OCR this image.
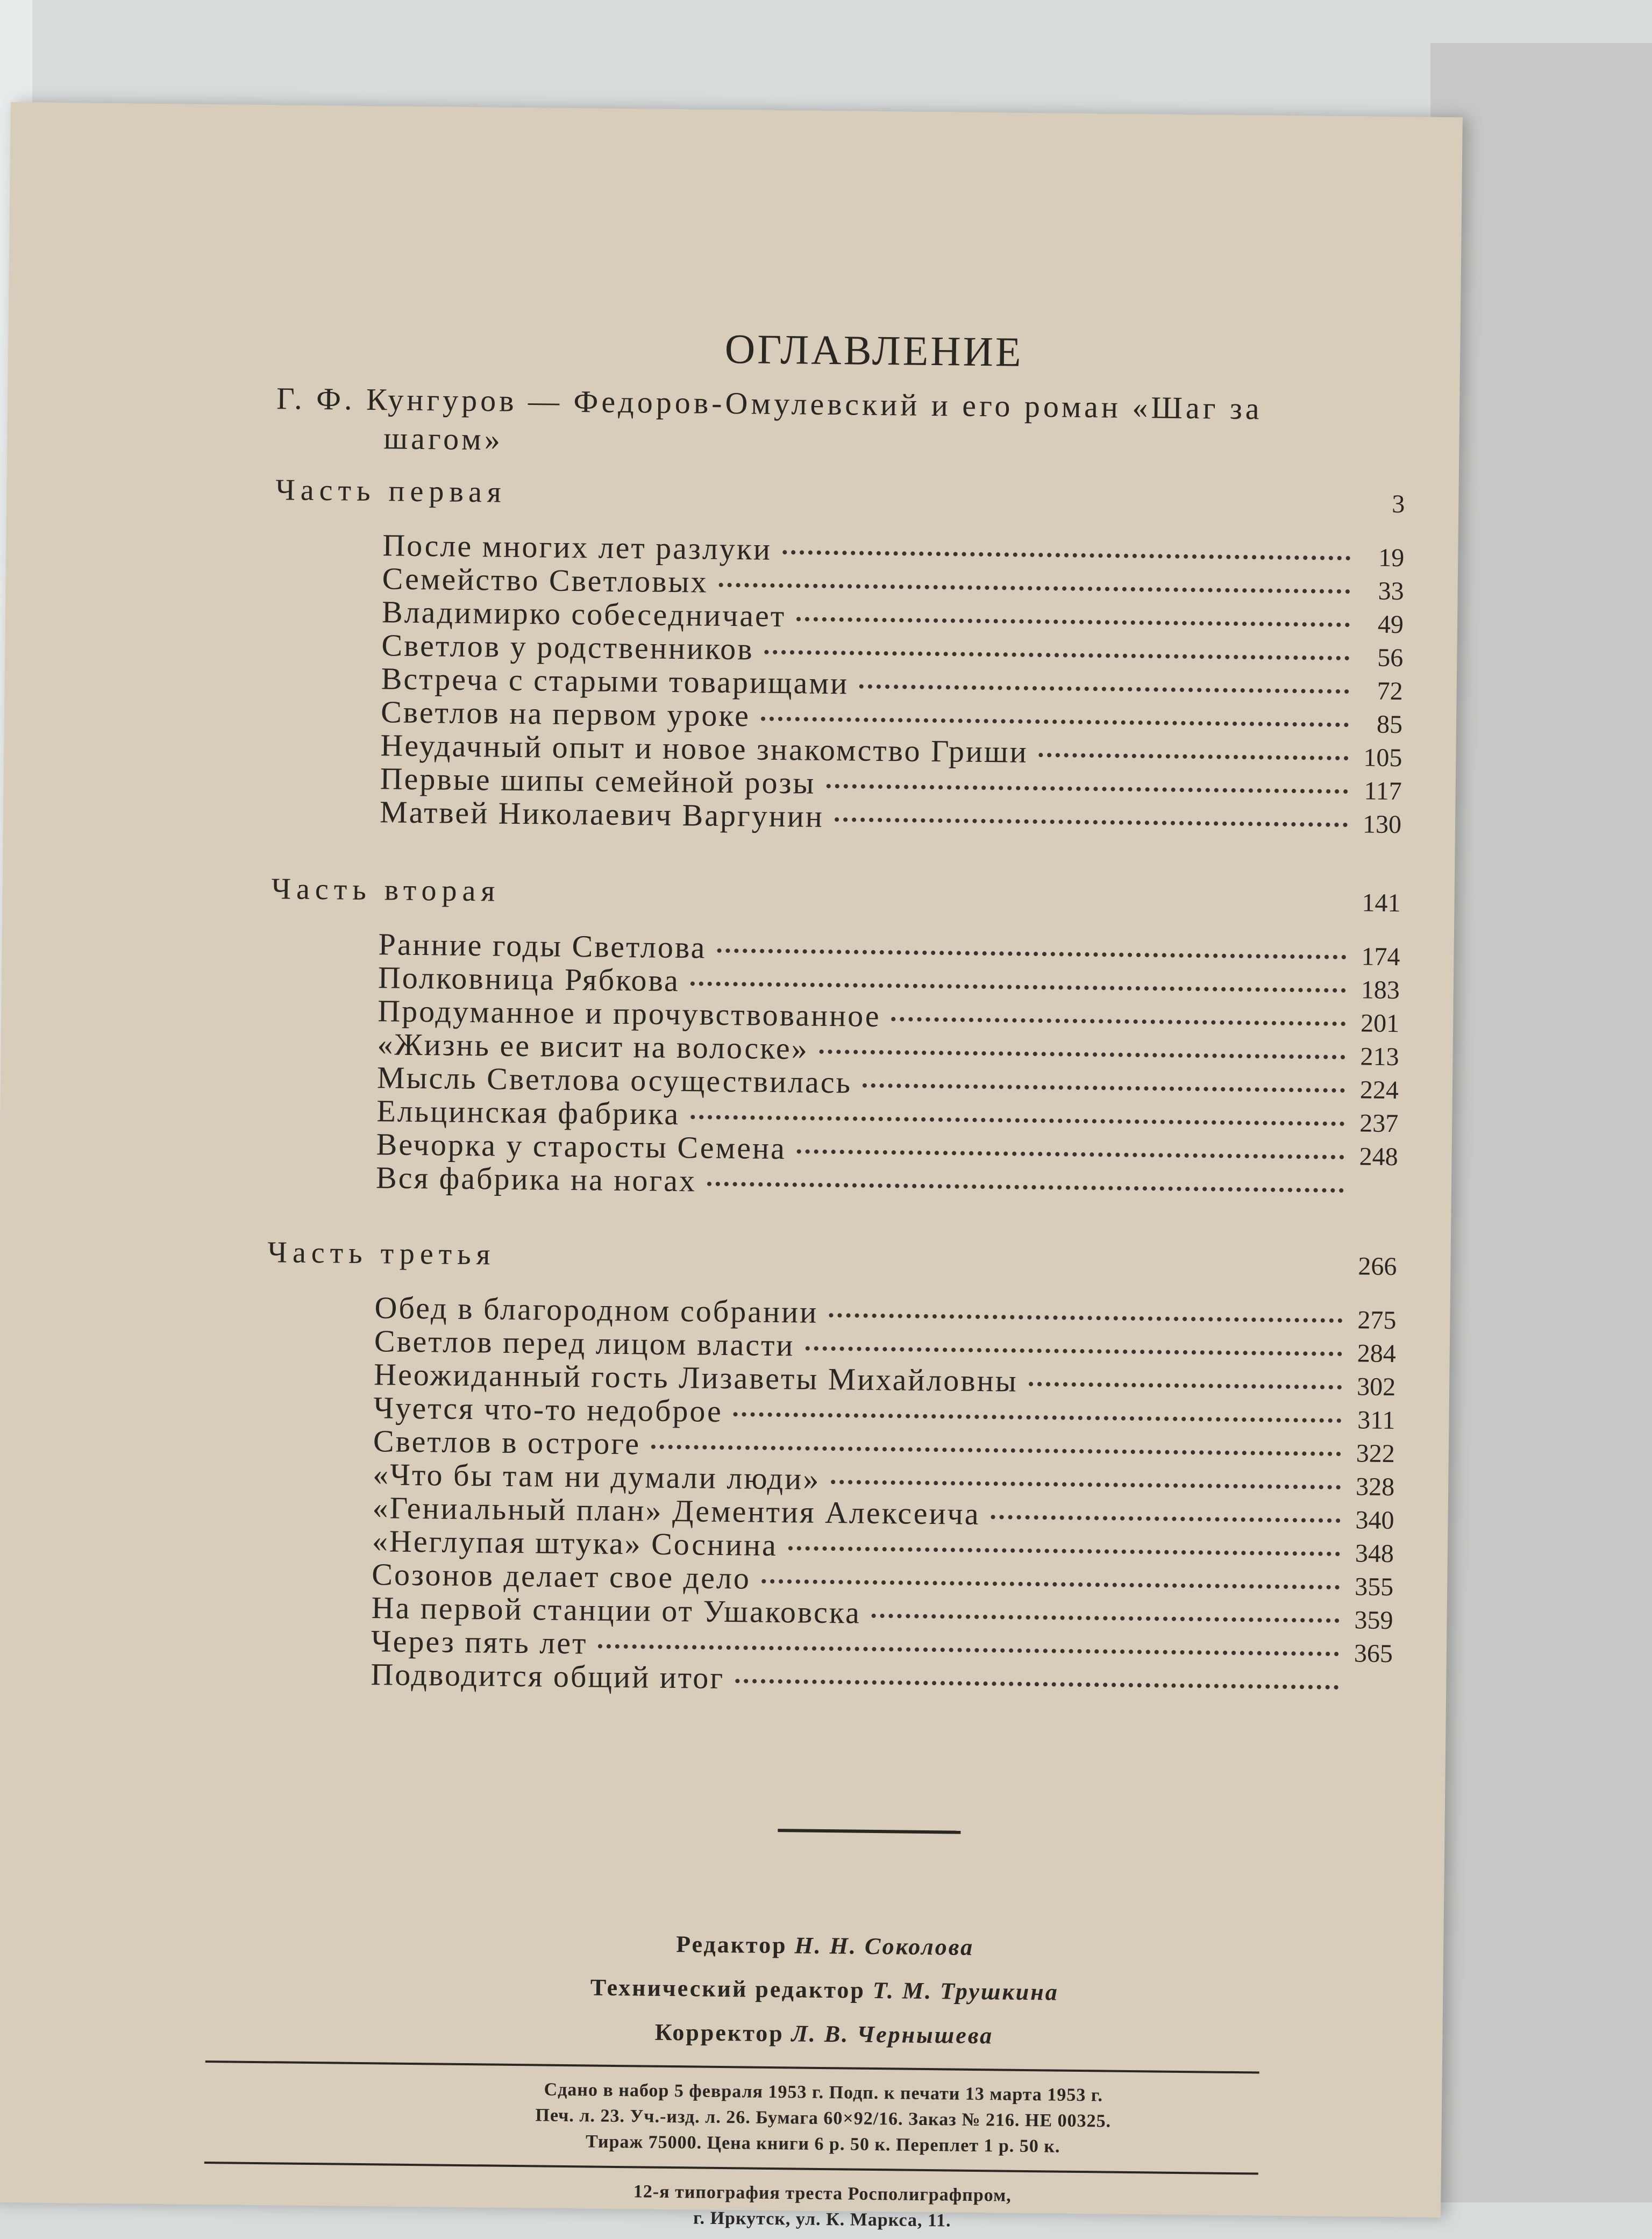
ОГЛАВЛЕНИЕ
Г. Ф. Кунгуров — Федоров-Омулевский и его роман «Шаг за
шагом»
Часть первая	3
После многих лет разлуки	19
Семейство Светловых	33
Владимирко собеседничает	49
Светлов у родственников	56
Встреча с старыми товарищами	72
Светлов на первом уроке	85
Неудачный опыт и новое знакомство Гриши	105
Первые шипы семейной розы	117
Матвей Николаевич Варгунин	130
Часть вторая	141
Ранние годы Светлова	174
Полковница Рябкова	183
Продуманное и прочувствованное	201
«Жизнь ее висит на волоске»	213
Мысль Светлова осуществилась	224
Ельцинская фабрика	237
Вечорка у старосты Семена	248
Вся фабрика на ногах
Часть третья	266
Обед в благородном собрании	275
Светлов перед лицом власти	284
Неожиданный гость Лизаветы Михайловны	302
Чуется что-то недоброе	311
Светлов в остроге	322
«Что бы там ни думали люди»	328
«Гениальный план» Дементия Алексеича	340
«Неглупая штука» Соснина	348
Созонов делает свое дело	355
На первой станции от Ушаковска	359
Через пять лет	365
Подводится общий итог
Редактор Н. Н. Соколова
Технический редактор Т. М. Трушкина
Корректор Л. В. Чернышева
Сдано в набор 5 февраля 1953 г. Подп. к печати 13 марта 1953 г.
Печ. л. 23. Уч.-изд. л. 26. Бумага 60×92/16. Заказ № 216. НЕ 00325.
Тираж 75000. Цена книги 6 р. 50 к. Переплет 1 р. 50 к.
12-я типография треста Росполиграфпром,
г. Иркутск, ул. К. Маркса, 11.
